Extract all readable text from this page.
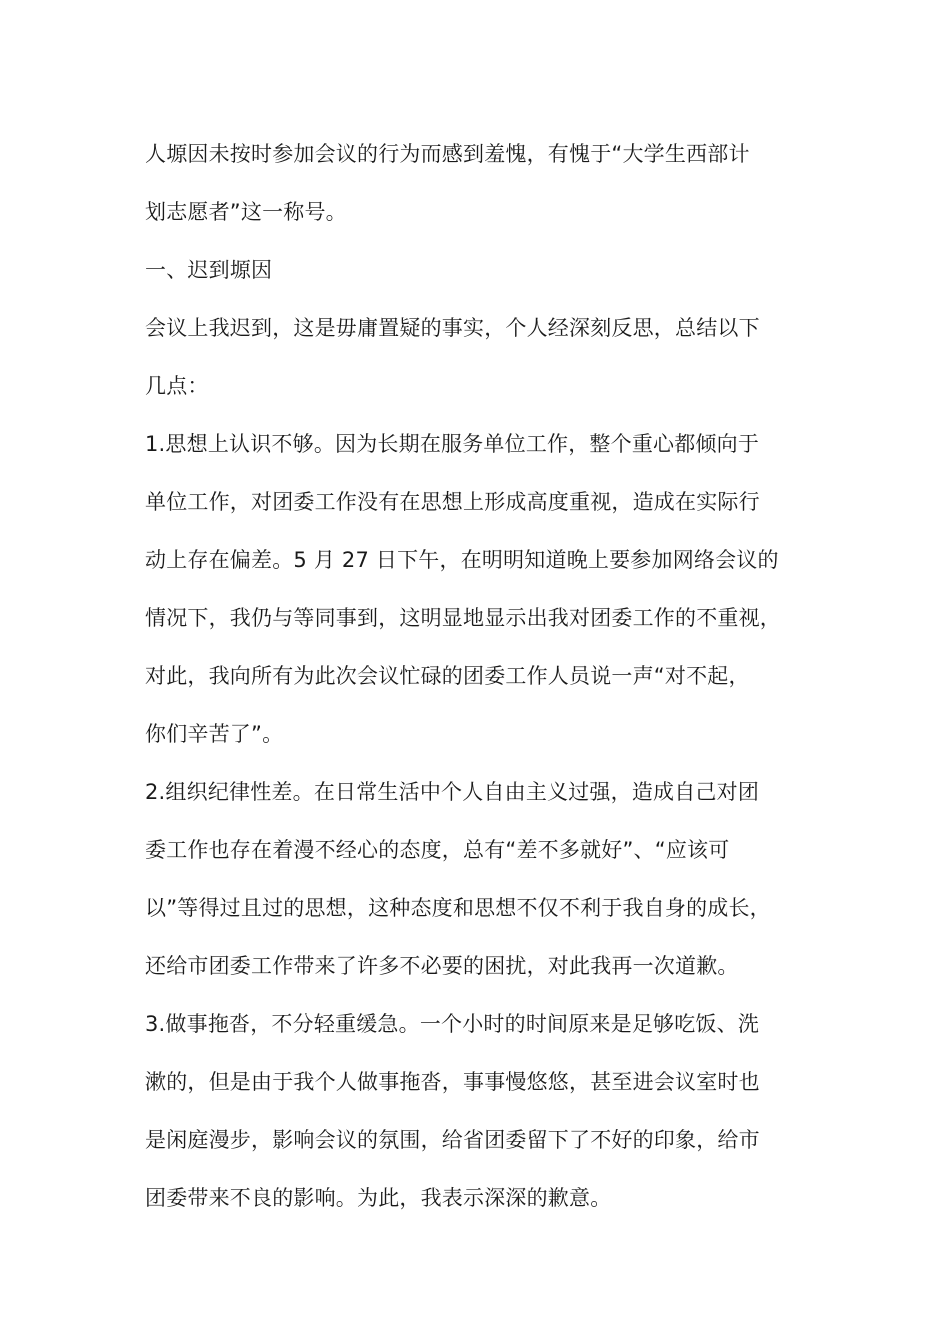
人塬因未按时参加会议的行为而感到羞愧，有愧于“大学生西部计
划志愿者”这一称号。
一、迟到塬因
会议上我迟到，这是毋庸置疑的事实，个人经深刻反思，总结以下
几点：
1.思想上认识不够。因为长期在服务单位工作，整个重心都倾向于
单位工作，对团委工作没有在思想上形成高度重视，造成在实际行
动上存在偏差。5 月 27 日下午，在明明知道晚上要参加网络会议的
情况下，我仍与等同事到，这明显地显示出我对团委工作的不重视，
对此，我向所有为此次会议忙碌的团委工作人员说一声“对不起，
你们辛苦了”。
2.组织纪律性差。在日常生活中个人自由主义过强，造成自己对团
委工作也存在着漫不经心的态度，总有“差不多就好”、“应该可
以”等得过且过的思想，这种态度和思想不仅不利于我自身的成长，
还给市团委工作带来了许多不必要的困扰，对此我再一次道歉。
3.做事拖沓，不分轻重缓急。一个小时的时间原来是足够吃饭、洗
漱的，但是由于我个人做事拖沓，事事慢悠悠，甚至进会议室时也
是闲庭漫步，影响会议的氛围，给省团委留下了不好的印象，给市
团委带来不良的影响。为此，我表示深深的歉意。
